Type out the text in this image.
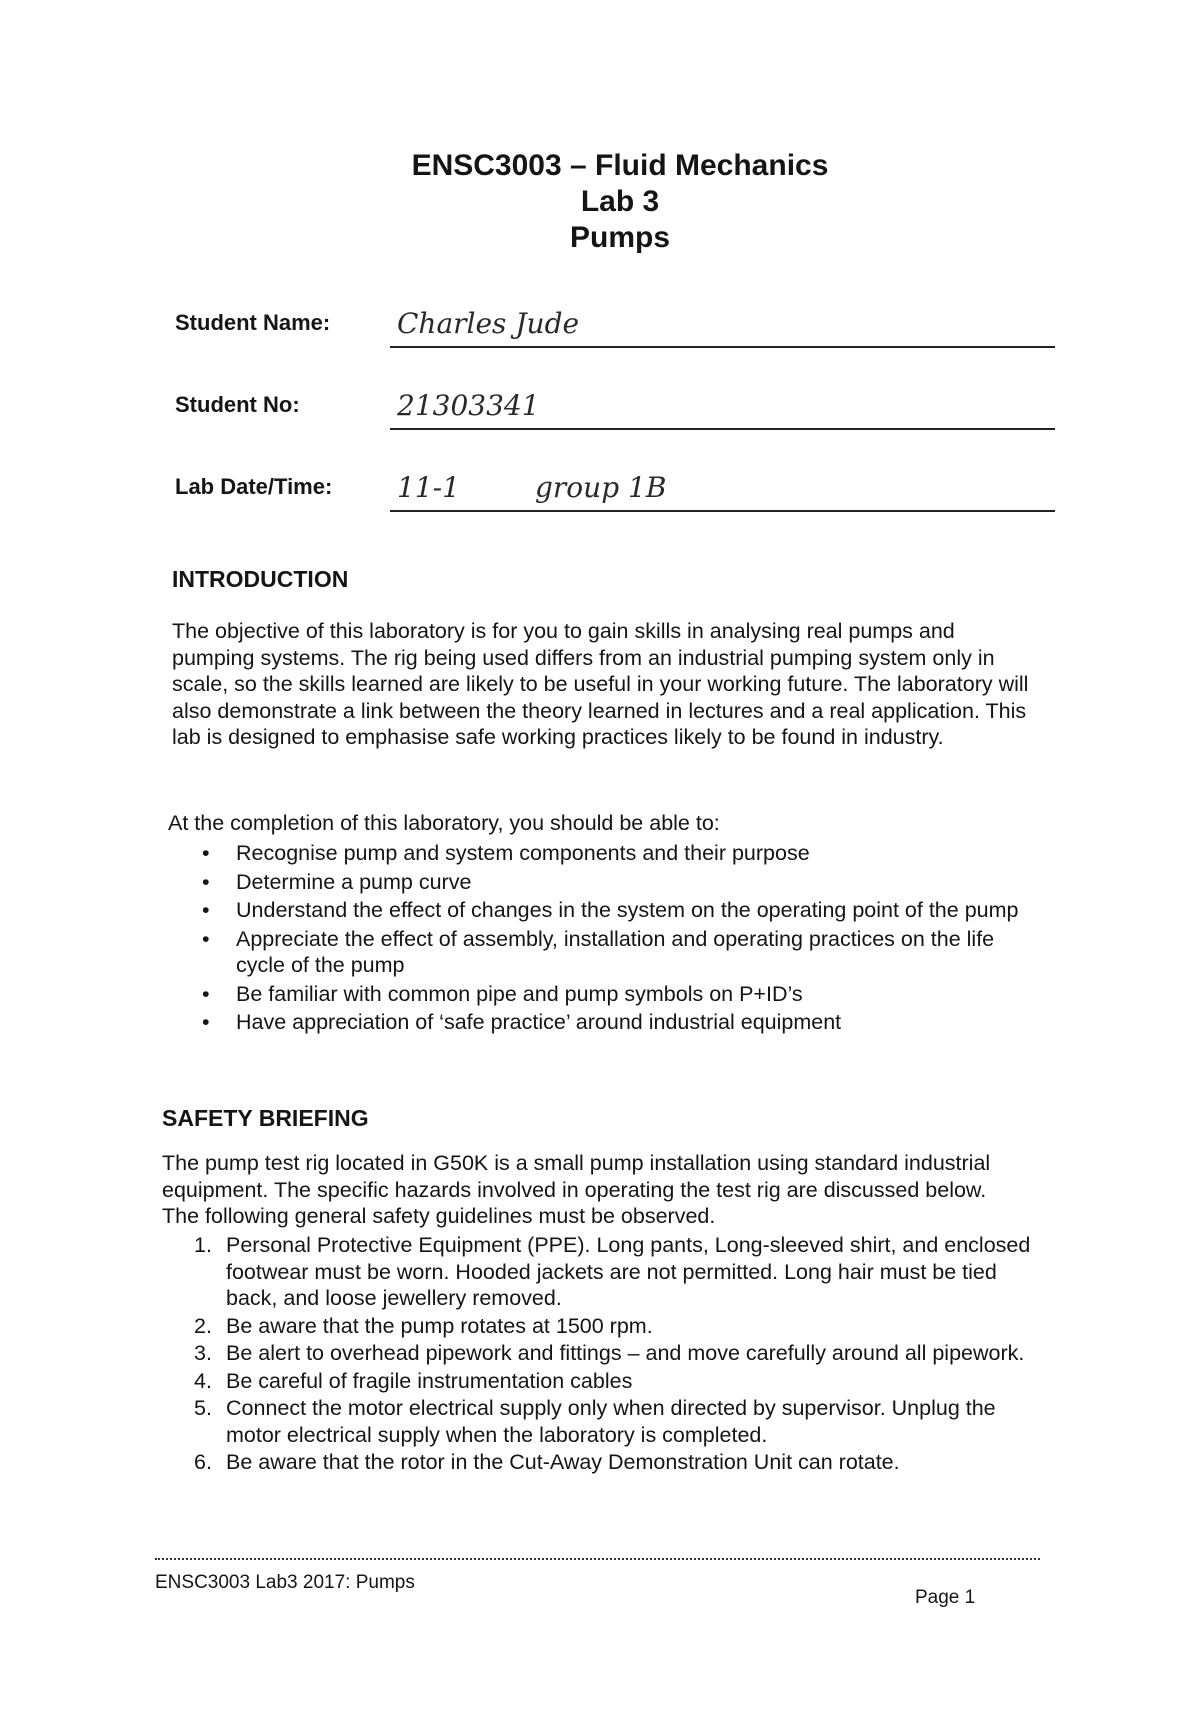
ENSC3003 – Fluid Mechanics
Lab 3
Pumps
Student Name: Charles Jude
Student No:	21303341
Lab Date/Time: 11-1	group 1B
INTRODUCTION

The objective of this laboratory is for you to gain skills in analysing real pumps and pumping systems. The rig being used differs from an industrial pumping system only in scale, so the skills learned are likely to be useful in your working future. The laboratory will also demonstrate a link between the theory learned in lectures and a real application. This lab is designed to emphasise safe working practices likely to be found in industry.

At the completion of this laboratory, you should be able to:

• Recognise pump and system components and their purpose
• Determine a pump curve
• Understand the effect of changes in the system on the operating point of the pump
• Appreciate the effect of assembly, installation and operating practices on the life cycle of the pump
• Be familiar with common pipe and pump symbols on P+ID’s
• Have appreciation of ‘safe practice’ around industrial equipment
SAFETY BRIEFING

The pump test rig located in G50K is a small pump installation using standard industrial equipment. The specific hazards involved in operating the test rig are discussed below. The following general safety guidelines must be observed.

1. Personal Protective Equipment (PPE). Long pants, Long-sleeved shirt, and enclosed footwear must be worn. Hooded jackets are not permitted. Long hair must be tied back, and loose jewellery removed.
2. Be aware that the pump rotates at 1500 rpm.
3. Be alert to overhead pipework and fittings – and move carefully around all pipework.
4. Be careful of fragile instrumentation cables
5. Connect the motor electrical supply only when directed by supervisor. Unplug the motor electrical supply when the laboratory is completed.
6. Be aware that the rotor in the Cut-Away Demonstration Unit can rotate.
ENSC3003 Lab3 2017: Pumps
Page 1
